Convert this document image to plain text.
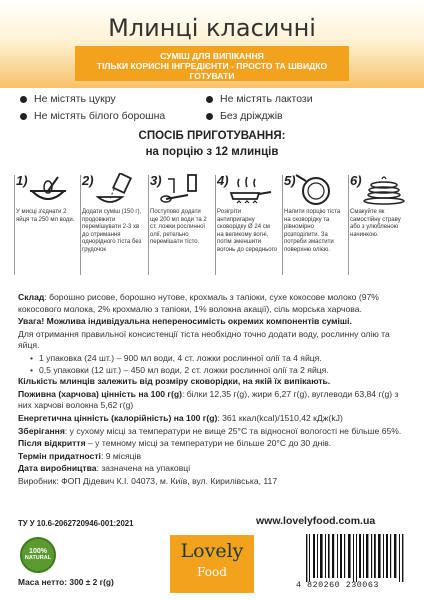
Млинці класичні
СУМІШ ДЛЯ ВИПІКАННЯ
ТІЛЬКИ КОРИСНІ ІНГРЕДІЄНТИ - ПРОСТО ТА ШВИДКО ГОТУВАТИ
Не містять цукру	Не містять лактози
Не містять білого борошна	Без дріжджів
СПОСІБ ПРИГОТУВАННЯ:
на порцію з 12 млинців
1)
У мисці з'єднати 2 яйця та 250 мл води.
2)
Додати суміш (150 г), продовжити перемішувати 2-3 хв до отримання однорідного тіста без грудочок
3)
Поступово додати ще 200 мл води та 2 ст. ложки рослинної олії, ретельно перемішати тісто.
4)
Розігріти антипригарну сковорідку Ø 24 см на великому вогні, потім зменшити вогонь до середнього
5)
Налити порцію тіста на сковорідку та рівномірно розподілити. За потреби змастити поверхню олією.
6)
Смакуйте як самостійну страву або з улюбленою начинкою.

Склад: борошно рисове, борошно нутове, крохмаль з тапіоки, сухе кокосове молоко (97% кокосового молока, 2% крохмалю з тапіоки, 1% волокна акації), сіль морська харчова.

Увага! Можлива індивідуальна непереносимість окремих компонентів суміші.

Для отримання правильної консистенції тіста необхідно точно додати воду, рослинну олію та яйця.

• 1 упаковка (24 шт.) – 900 мл води, 4 ст. ложки рослинної олії та 4 яйця.
• 0,5 упаковки (12 шт.) – 450 мл води, 2 ст. ложки рослинної олії та 2 яйця.

Кількість млинців залежить від розміру сковорідки, на якій їх випікають.

Поживна (харчова) цінність на 100 г(g): білки 12,35 г(g), жири 6,27 г(g), вуглеводи 63,84 г(g) з них харчові волокна 5,62 г(g)

Енергетична цінність (калорійність) на 100 г(g): 361 ккал(kcal)/1510,42 кДж(kJ)

Зберігання: у сухому місці за температури не вище 25°C та відносної вологості не більше 65%.

Після відкриття – у темному місці за температури не більше 20°C до 30 днів.

Термін придатності: 9 місяців

Дата виробництва: зазначена на упаковці

Виробник: ФОП Дідевич К.І. 04073, м. Київ, вул. Кирилівська, 117

ТУ У 10.6-2062720946-001:2021	www.lovelyfood.com.ua
100%
NATURAL	Lovely
Food
Маса нетто: 300 ± 2 г(g)	4 820260 230063
